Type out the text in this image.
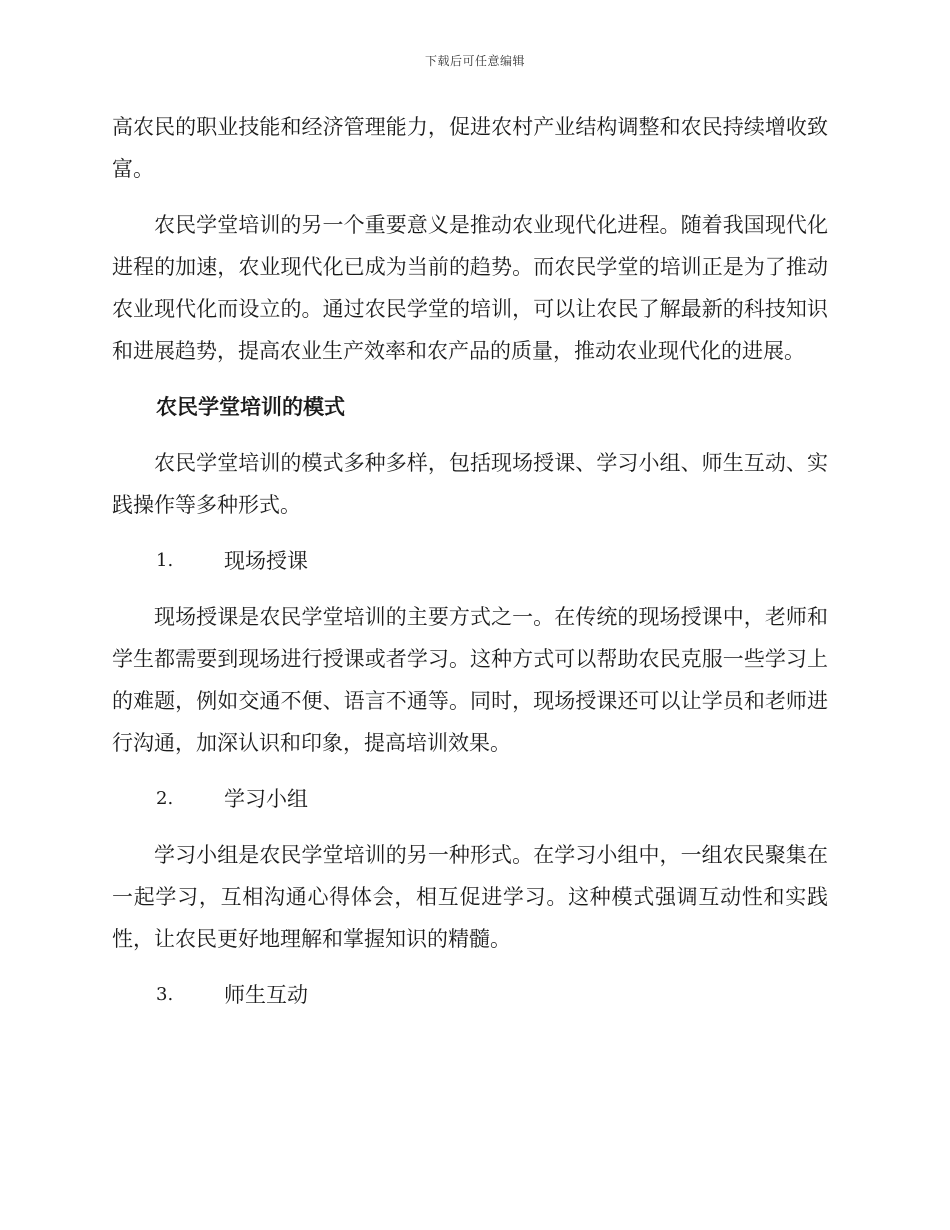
下载后可任意编辑

高农民的职业技能和经济管理能力，促进农村产业结构调整和农民持续增收致富。

农民学堂培训的另一个重要意义是推动农业现代化进程。随着我国现代化进程的加速，农业现代化已成为当前的趋势。而农民学堂的培训正是为了推动农业现代化而设立的。通过农民学堂的培训，可以让农民了解最新的科技知识和进展趋势，提高农业生产效率和农产品的质量，推动农业现代化的进展。

农民学堂培训的模式

农民学堂培训的模式多种多样，包括现场授课、学习小组、师生互动、实践操作等多种形式。

1.	现场授课

现场授课是农民学堂培训的主要方式之一。在传统的现场授课中，老师和学生都需要到现场进行授课或者学习。这种方式可以帮助农民克服一些学习上的难题，例如交通不便、语言不通等。同时，现场授课还可以让学员和老师进行沟通，加深认识和印象，提高培训效果。

2.	学习小组

学习小组是农民学堂培训的另一种形式。在学习小组中，一组农民聚集在一起学习，互相沟通心得体会，相互促进学习。这种模式强调互动性和实践性，让农民更好地理解和掌握知识的精髓。

3.	师生互动
